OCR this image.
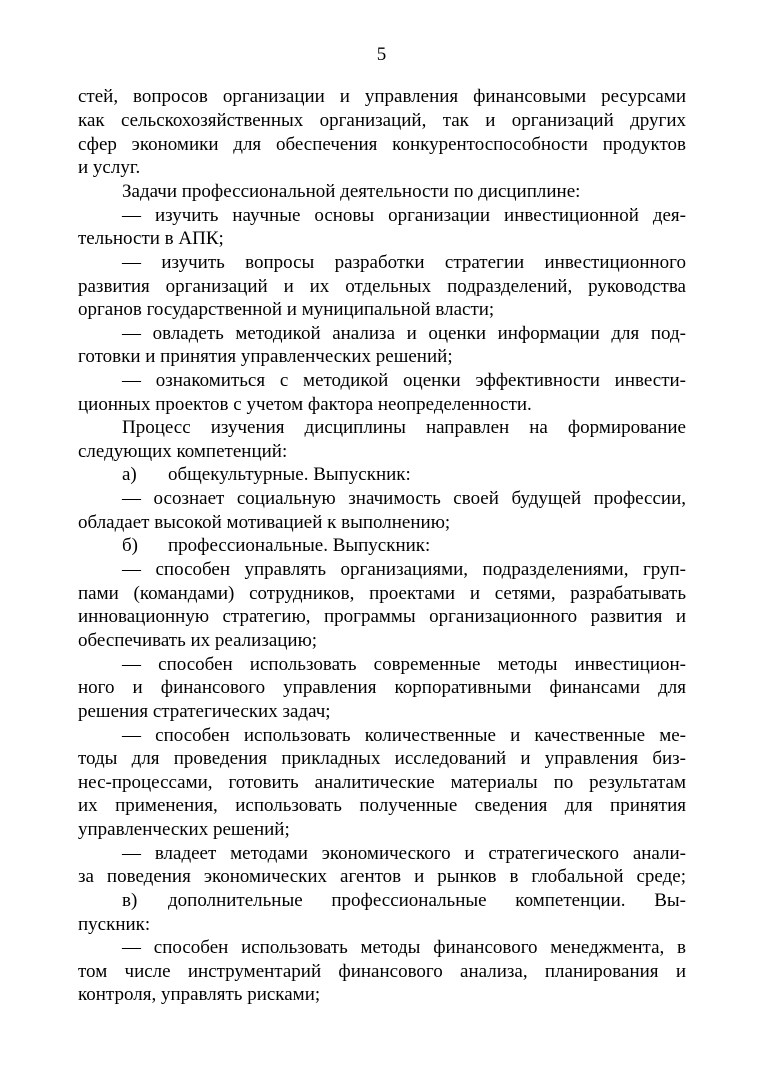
5
стей, вопросов организации и управления финансовыми ресурсами
как сельскохозяйственных организаций, так и организаций других
сфер экономики для обеспечения конкурентоспособности продуктов
и услуг.
Задачи профессиональной деятельности по дисциплине:
— изучить научные основы организации инвестиционной дея-
тельности в АПК;
— изучить вопросы разработки стратегии инвестиционного
развития организаций и их отдельных подразделений, руководства
органов государственной и муниципальной власти;
— овладеть методикой анализа и оценки информации для под-
готовки и принятия управленческих решений;
— ознакомиться с методикой оценки эффективности инвести-
ционных проектов с учетом фактора неопределенности.
Процесс изучения дисциплины направлен на формирование
следующих компетенций:
а) общекультурные. Выпускник:
— осознает социальную значимость своей будущей профессии,
обладает высокой мотивацией к выполнению;
б) профессиональные. Выпускник:
— способен управлять организациями, подразделениями, груп-
пами (командами) сотрудников, проектами и сетями, разрабатывать
инновационную стратегию, программы организационного развития и
обеспечивать их реализацию;
— способен использовать современные методы инвестицион-
ного и финансового управления корпоративными финансами для
решения стратегических задач;
— способен использовать количественные и качественные ме-
тоды для проведения прикладных исследований и управления биз-
нес-процессами, готовить аналитические материалы по результатам
их применения, использовать полученные сведения для принятия
управленческих решений;
— владеет методами экономического и стратегического анали-
за поведения экономических агентов и рынков в глобальной среде;
в) дополнительные профессиональные компетенции. Вы-
пускник:
— способен использовать методы финансового менеджмента, в
том числе инструментарий финансового анализа, планирования и
контроля, управлять рисками;
